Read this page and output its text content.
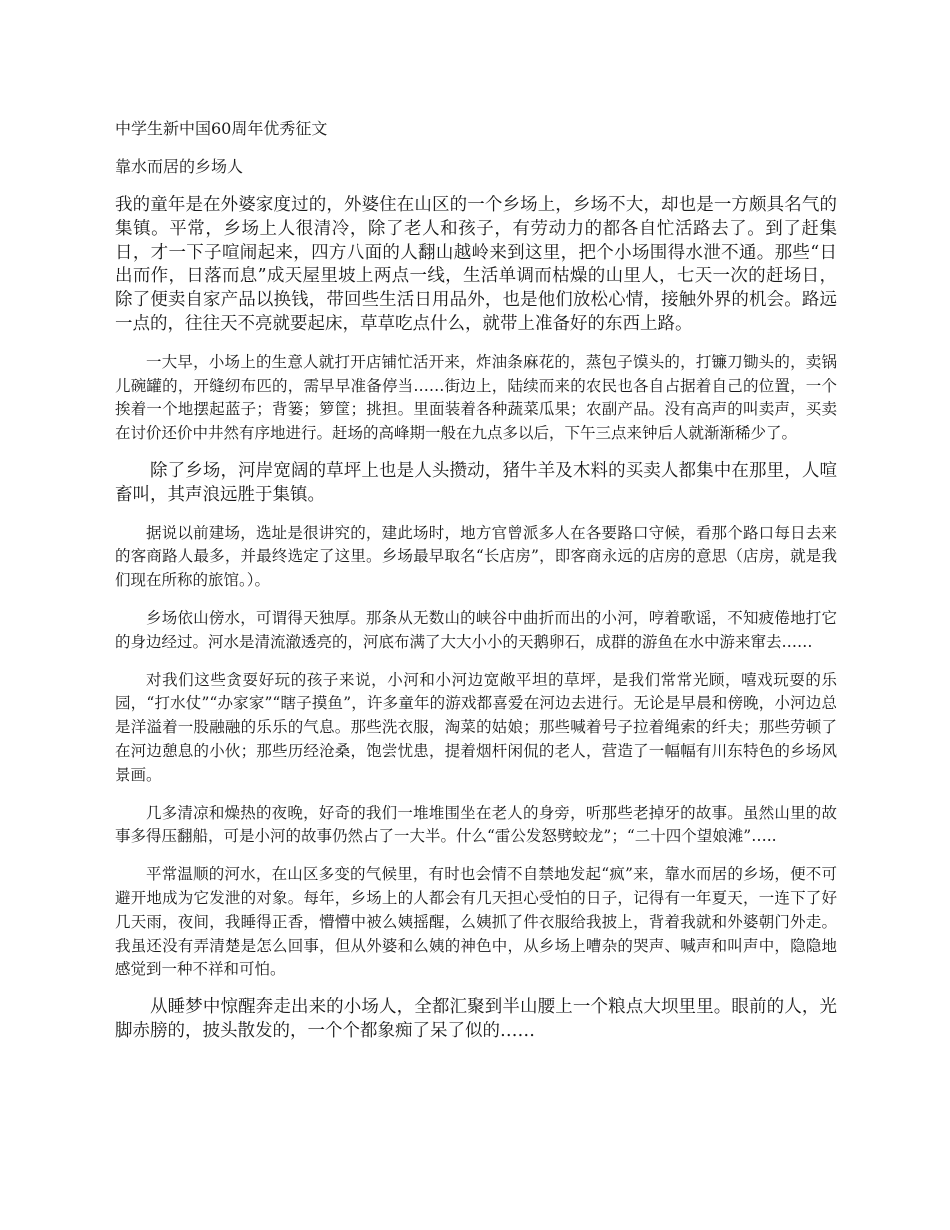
中学生新中国60周年优秀征文
靠水而居的乡场人

我的童年是在外婆家度过的，外婆住在山区的一个乡场上，乡场不大，却也是一方颇具名气的集镇。平常，乡场上人很清冷，除了老人和孩子，有劳动力的都各自忙活路去了。到了赶集日，才一下子喧闹起来，四方八面的人翻山越岭来到这里，把个小场围得水泄不通。那些“日出而作，日落而息”成天屋里坡上两点一线，生活单调而枯燥的山里人，七天一次的赶场日，除了便卖自家产品以换钱，带回些生活日用品外，也是他们放松心情，接触外界的机会。路远一点的，往往天不亮就要起床，草草吃点什么，就带上准备好的东西上路。

一大早，小场上的生意人就打开店铺忙活开来，炸油条麻花的，蒸包子馍头的，打镰刀锄头的，卖锅儿碗罐的，开缝纫布匹的，需早早准备停当……街边上，陆续而来的农民也各自占据着自己的位置，一个挨着一个地摆起蓝子；背篓；箩筐；挑担。里面装着各种蔬菜瓜果；农副产品。没有高声的叫卖声，买卖在讨价还价中井然有序地进行。赶场的高峰期一般在九点多以后，下午三点来钟后人就渐渐稀少了。

除了乡场，河岸宽阔的草坪上也是人头攒动，猪牛羊及木料的买卖人都集中在那里，人喧畜叫，其声浪远胜于集镇。

据说以前建场，选址是很讲究的，建此场时，地方官曾派多人在各要路口守候，看那个路口每日去来的客商路人最多，并最终选定了这里。乡场最早取名“长店房”，即客商永远的店房的意思（店房，就是我们现在所称的旅馆。）。

乡场依山傍水，可谓得天独厚。那条从无数山的峡谷中曲折而出的小河，哼着歌谣，不知疲倦地打它的身边经过。河水是清流澈透亮的，河底布满了大大小小的天鹅卵石，成群的游鱼在水中游来窜去……

对我们这些贪耍好玩的孩子来说，小河和小河边宽敞平坦的草坪，是我们常常光顾，嘻戏玩耍的乐园，“打水仗”“办家家”“瞎子摸鱼”，许多童年的游戏都喜爱在河边去进行。无论是早晨和傍晚，小河边总是洋溢着一股融融的乐乐的气息。那些洗衣服，淘菜的姑娘；那些喊着号子拉着绳索的纤夫；那些劳顿了在河边憩息的小伙；那些历经沧桑，饱尝忧患，提着烟杆闲侃的老人，营造了一幅幅有川东特色的乡场风景画。

几多清凉和燥热的夜晚，好奇的我们一堆堆围坐在老人的身旁，听那些老掉牙的故事。虽然山里的故事多得压翻船，可是小河的故事仍然占了一大半。什么“雷公发怒劈蛟龙”；“二十四个望娘滩”…..

平常温顺的河水，在山区多变的气候里，有时也会情不自禁地发起“疯”来，靠水而居的乡场，便不可避开地成为它发泄的对象。每年，乡场上的人都会有几天担心受怕的日子，记得有一年夏天，一连下了好几天雨，夜间，我睡得正香，懵懵中被么姨摇醒，么姨抓了件衣服给我披上，背着我就和外婆朝门外走。我虽还没有弄清楚是怎么回事，但从外婆和么姨的神色中，从乡场上嘈杂的哭声、喊声和叫声中，隐隐地感觉到一种不祥和可怕。

从睡梦中惊醒奔走出来的小场人，全都汇聚到半山腰上一个粮点大坝里里。眼前的人，光脚赤膀的，披头散发的，一个个都象痴了呆了似的……
